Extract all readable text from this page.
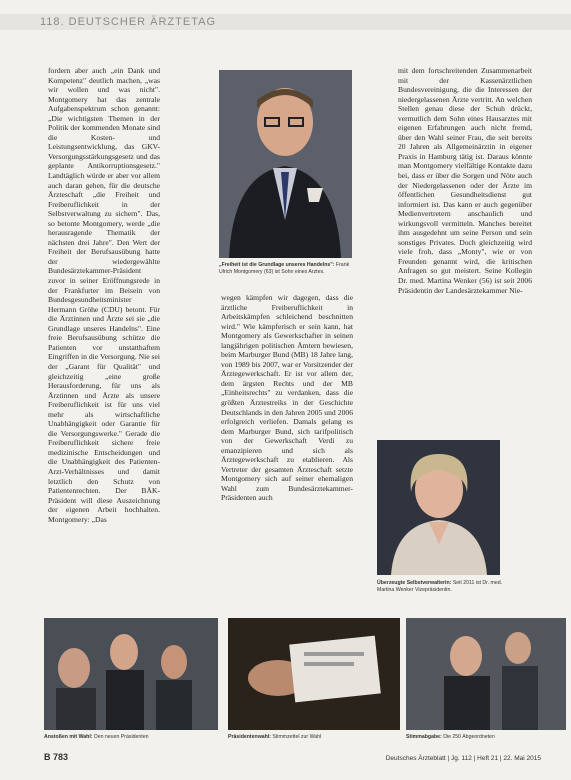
118. DEUTSCHER ÄRZTETAG
fordern aber auch „ein Dank und Kompetenz" deutlich machen, „was wir wollen und was nicht". Montgomery hat das zentrale Aufgabenspektrum schon genannt: „Die wichtigsten Themen in der Politik der kommenden Monate sind die Kosten- und Leistungsentwicklung, das GKV-Versorgungsstärkungsgesetz und das geplante Antikorruptionsgesetz." Landtäglich würde er aber vor allem auch daran gehen, für die deutsche Ärzteschaft „die Freiheit und Freiberuflichkeit in der Selbstverwaltung zu sichern". Das, so betonte Montgomery, werde „die herausragende Thematik der nächsten drei Jahre". Den Wert der Freiheit der Berufsausübung hatte der wiedergewählte Bundesärztekammer-Präsident zuvor in seiner Eröffnungsrede in der Frankfurter im Beisein von Bundesgesundheitsminister Hermann Gröhe (CDU) betont. Für die Ärztinnen und Ärzte sei sie „die Grundlage unseres Handelns". Eine freie Berufsausübung schütze die Patienten vor unstatthaftem Eingriffen in die Versorgung. Nie sei der „Garant für Qualität" und gleichzeitig „eine große Herausforderung, für uns als Ärztinnen und Ärzte als unsere Freiberuflichkeit ist für uns viel mehr als wirtschaftliche Unabhängigkeit oder Garantie für die Versorgungswerke." Gerade die Freiberuflichkeit sichere freie medizinische Entscheidungen und die Unabhängigkeit des Patienten-Arzt-Verhältnisses und damit letztlich den Schutz von Patientenrechten. Der BÄK-Präsident will diese Auszeichnung der eigenen Arbeit hochhalten. Montgomery: „Das
„Freiheit ist die Grundlage unseres Handelns": Frank Ulrich Montgomery (63) ist Sohn eines Arztes.
wegen kämpfen wir dagegen, dass die ärztliche Freiberuflichkeit in Arbeitskämpfen schleichend beschnitten wird." Wie kämpferisch er sein kann, hat Montgomery als Gewerkschafter in seinen langjährigen politischen Ämtern bewiesen, beim Marburger Bund (MB) 18 Jahre lang, von 1989 bis 2007, war er Vorsitzender der Ärztegewerkschaft. Er ist vor allem der, dem ärgsten Rechts und der MB „Einheitsrechts" zu verdanken, dass die größten Ärztestreiks in der Geschichte Deutschlands in den Jahren 2005 und 2006 erfolgreich verliefen. Damals gelang es dem Marburger Bund, sich tarifpolitisch von der Gewerkschaft Verdi zu emanzipieren und sich als Ärztegewerkschaft zu etablieren. Als Vertreter der gesamten Ärzteschaft setzte Montgomery sich auf seiner ehemaligen Wahl zum Bundesärztekammer-Präsidenten auch
mit dem fortschreitenden Zusammenarbeit mit der Kassenärztlichen Bundesvereinigung, die die Interessen der niedergelassenen Ärzte vertritt. An welchen Stellen genau diese der Schuh drückt, vermutlich dem Sohn eines Hausarztes mit eigenen Erfahrungen auch nicht fremd, über den Wahl seiner Frau, die seit bereits 20 Jahren als Allgemeinärztin in eigener Praxis in Hamburg tätig ist. Daraus könnte man Montgomery vielfältige Kontakte dazu bei, dass er über die Sorgen und Nöte auch der Niedergelassenen oder der Ärzte im öffentlichen Gesundheitsdienst gut informiert ist. Das kann er auch gegenüber Medienvertretern anschaulich und wirkungsvoll vermitteln. Manches bereitet ihm ausgedehnt um seine Person und sein sonstiges Privates. Doch gleichzeitig wird viele froh, dass „Monty", wie er von Freunden genannt wird, die kritischen Anfragen so gut meistert. Seine Kollegin Dr. med. Martina Wenker (56) ist seit 2006 Präsidentin der Landesärztekammer Nie-
Überzeugte Selbstverwalterin: Seit 2011 ist Dr. med. Martina Wenker Vizepräsidentin.
Anstoßen mit Wahl: Den neuen Präsidenten	Präsidentenwahl: Stimmzettel zur Wahl	Stimmabgabe: Die 250 Abgeordneten
B 783	Deutsches Ärzteblatt | Jg. 112 | Heft 21 | 22. Mai 2015
